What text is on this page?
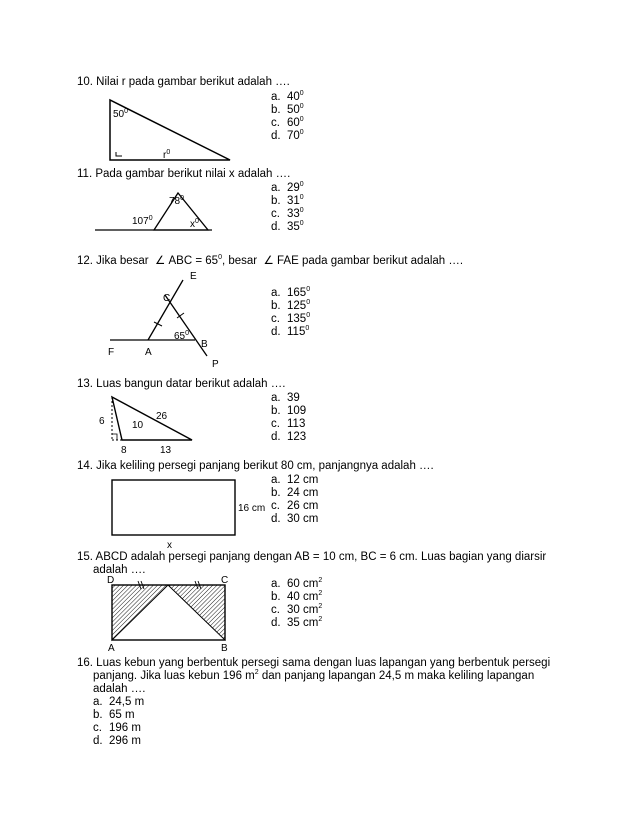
10. Nilai r pada gambar berikut adalah ….
$50^0$
$r^0$
a. $40^0$
b. $50^0$
c. $60^0$
d. $70^0$
11. Pada gambar berikut nilai x adalah ….
$78^0$
$107^0$
$x^0$
a. $29^0$
b. $31^0$
c. $33^0$
d. $35^0$
12. Jika besar ∠ ABC = $65^0$, besar ∠ FAE pada gambar berikut adalah ….
E
C
B
P
F	A
$65^0$
a. $165^0$
b. $125^0$
c. $135^0$
d. $115^0$
13. Luas bangun datar berikut adalah ….
6	10
26
8	13
a. 39
b. 109
c. 113
d. 123
14. Jika keliling persegi panjang berikut 80 cm, panjangnya adalah ….
16 cm
x
a. 12 cm
b. 24 cm
c. 26 cm
d. 30 cm
15. ABCD adalah persegi panjang dengan AB = 10 cm, BC = 6 cm. Luas bagian yang diarsir
adalah ….
D	C
A	B
a. 60 $cm^2$
b. 40 $cm^2$
c. 30 $cm^2$
d. 35 $cm^2$
16. Luas kebun yang berbentuk persegi sama dengan luas lapangan yang berbentuk persegi
panjang. Jika luas kebun 196 $m^2$ dan panjang lapangan 24,5 m maka keliling lapangan
adalah ….
a. 24,5 m
b. 65 m
c. 196 m
d. 296 m
